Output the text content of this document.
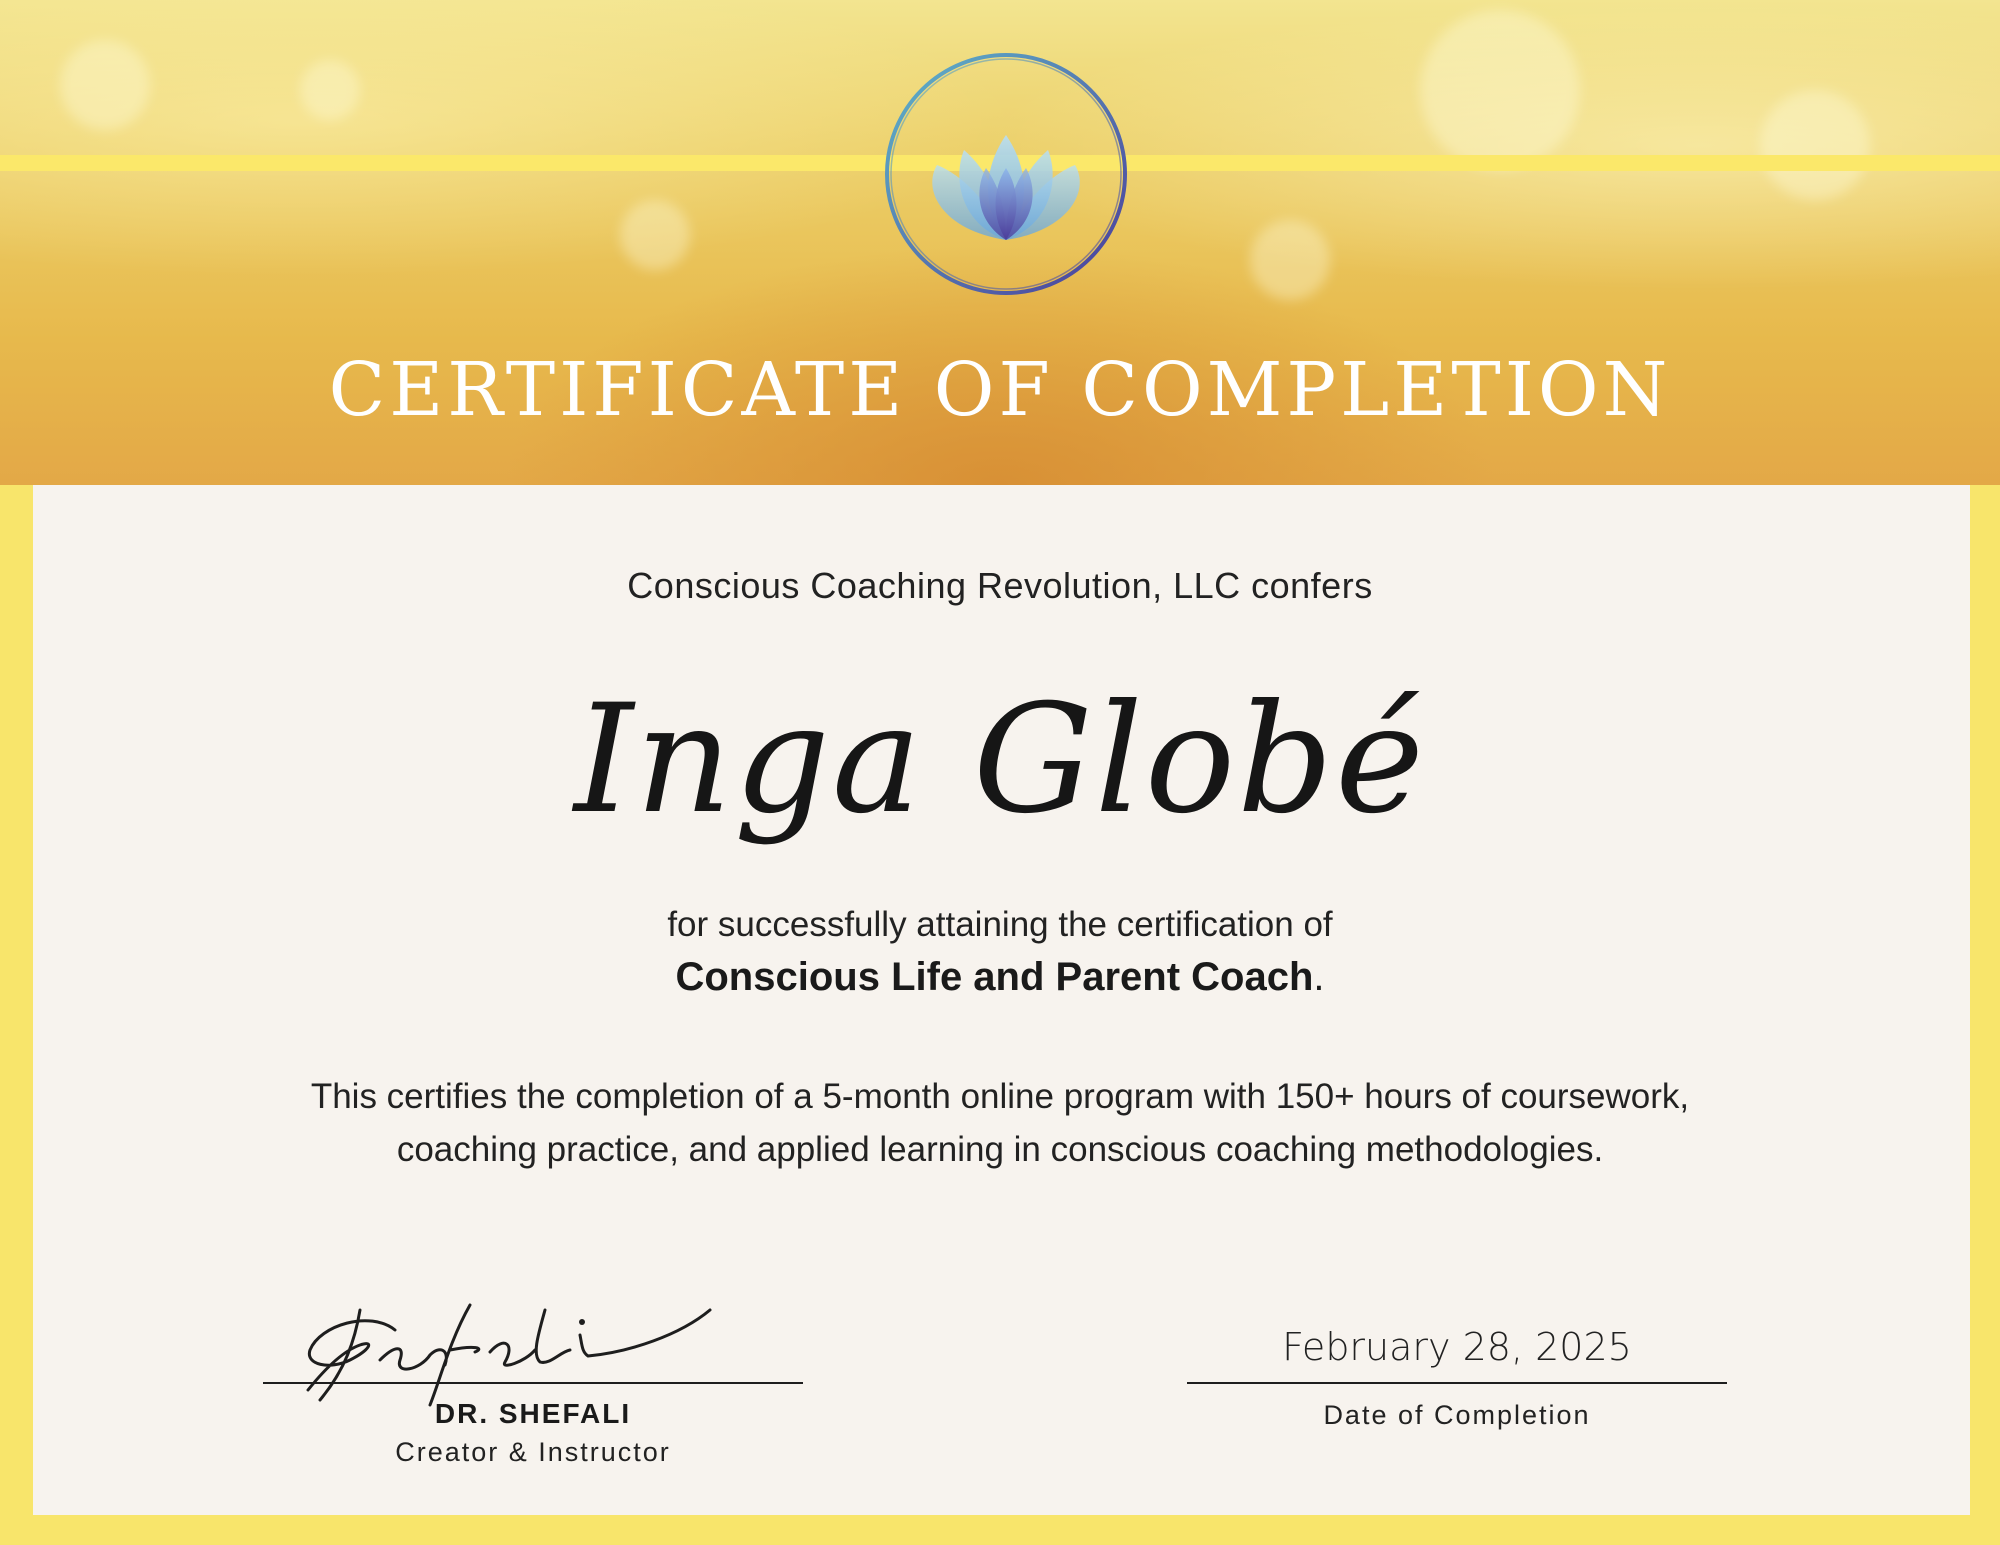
CERTIFICATE OF COMPLETION
Conscious Coaching Revolution, LLC confers
Inga Globé
for successfully attaining the certification of
Conscious Life and Parent Coach.
This certifies the completion of a 5-month online program with 150+ hours of coursework,
coaching practice, and applied learning in conscious coaching methodologies.
DR. SHEFALI
Creator & Instructor
February 28, 2025
Date of Completion
